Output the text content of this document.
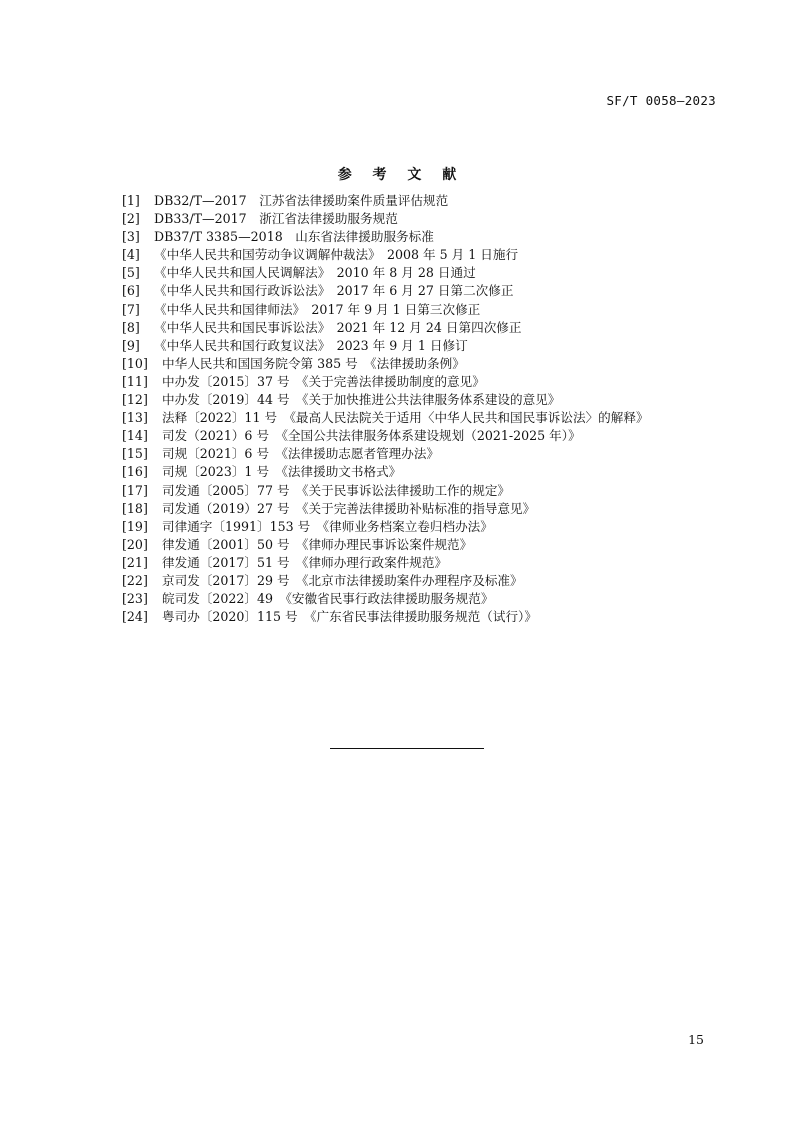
SF/T 0058—2023
参 考 文 献
[1] DB32/T—2017　江苏省法律援助案件质量评估规范
[2] DB33/T—2017　浙江省法律援助服务规范
[3] DB37/T 3385—2018　山东省法律援助服务标准
[4] 《中华人民共和国劳动争议调解仲裁法》　2008 年 5 月 1 日施行
[5] 《中华人民共和国人民调解法》　2010 年 8 月 28 日通过
[6] 《中华人民共和国行政诉讼法》　2017 年 6 月 27 日第二次修正
[7] 《中华人民共和国律师法》　2017 年 9 月 1 日第三次修正
[8] 《中华人民共和国民事诉讼法》　2021 年 12 月 24 日第四次修正
[9] 《中华人民共和国行政复议法》　2023 年 9 月 1 日修订
[10] 中华人民共和国国务院令第 385 号　《法律援助条例》
[11] 中办发〔2015〕37 号　《关于完善法律援助制度的意见》
[12] 中办发〔2019〕44 号　《关于加快推进公共法律服务体系建设的意见》
[13] 法释〔2022〕11 号　《最高人民法院关于适用〈中华人民共和国民事诉讼法〉的解释》
[14] 司发（2021）6 号　《全国公共法律服务体系建设规划（2021-2025 年）》
[15] 司规〔2021〕6 号　《法律援助志愿者管理办法》
[16] 司规〔2023〕1 号　《法律援助文书格式》
[17] 司发通〔2005〕77 号　《关于民事诉讼法律援助工作的规定》
[18] 司发通（2019）27 号　《关于完善法律援助补贴标准的指导意见》
[19] 司律通字〔1991〕153 号　《律师业务档案立卷归档办法》
[20] 律发通〔2001〕50 号　《律师办理民事诉讼案件规范》
[21] 律发通〔2017〕51 号　《律师办理行政案件规范》
[22] 京司发〔2017〕29 号　《北京市法律援助案件办理程序及标准》
[23] 皖司发〔2022〕49　《安徽省民事行政法律援助服务规范》
[24] 粤司办〔2020〕115 号　《广东省民事法律援助服务规范（试行）》
15
